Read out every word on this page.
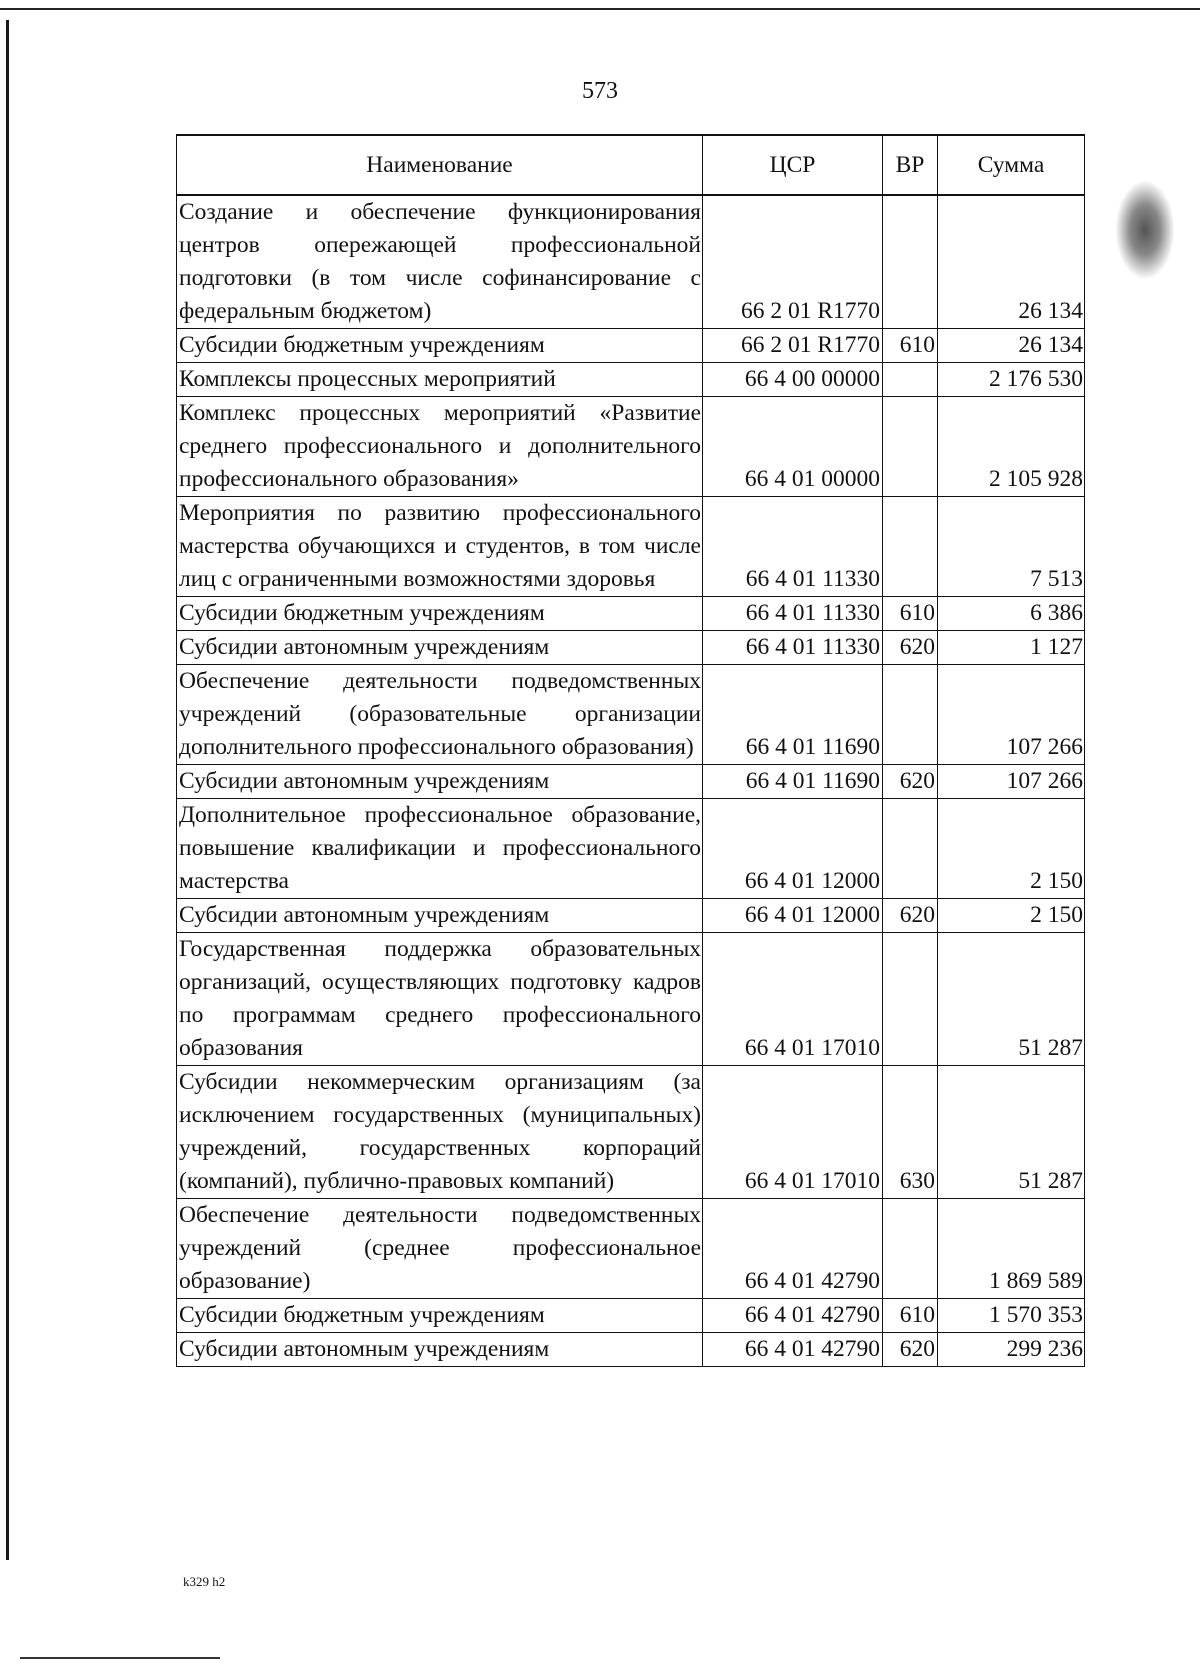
573
Наименование	ЦСР	ВР	Сумма
Создание и обеспечение функционирования центров опережающей профессиональной подготовки (в том числе софинансирование с федеральным бюджетом)	66 2 01 R1770		26 134
Субсидии бюджетным учреждениям	66 2 01 R1770	610	26 134
Комплексы процессных мероприятий	66 4 00 00000		2 176 530
Комплекс процессных мероприятий «Развитие среднего профессионального и дополнительного профессионального образования»	66 4 01 00000		2 105 928
Мероприятия по развитию профессионального мастерства обучающихся и студентов, в том числе лиц с ограниченными возможностями здоровья	66 4 01 11330		7 513
Субсидии бюджетным учреждениям	66 4 01 11330	610	6 386
Субсидии автономным учреждениям	66 4 01 11330	620	1 127
Обеспечение деятельности подведомственных учреждений (образовательные организации дополнительного профессионального образования)	66 4 01 11690		107 266
Субсидии автономным учреждениям	66 4 01 11690	620	107 266
Дополнительное профессиональное образование, повышение квалификации и профессионального мастерства	66 4 01 12000		2 150
Субсидии автономным учреждениям	66 4 01 12000	620	2 150
Государственная поддержка образовательных организаций, осуществляющих подготовку кадров по программам среднего профессионального образования	66 4 01 17010		51 287
Субсидии некоммерческим организациям (за исключением государственных (муниципальных) учреждений, государственных корпораций (компаний), публично-правовых компаний)	66 4 01 17010	630	51 287
Обеспечение деятельности подведомственных учреждений (среднее профессиональное образование)	66 4 01 42790		1 869 589
Субсидии бюджетным учреждениям	66 4 01 42790	610	1 570 353
Субсидии автономным учреждениям	66 4 01 42790	620	299 236
k329 h2
